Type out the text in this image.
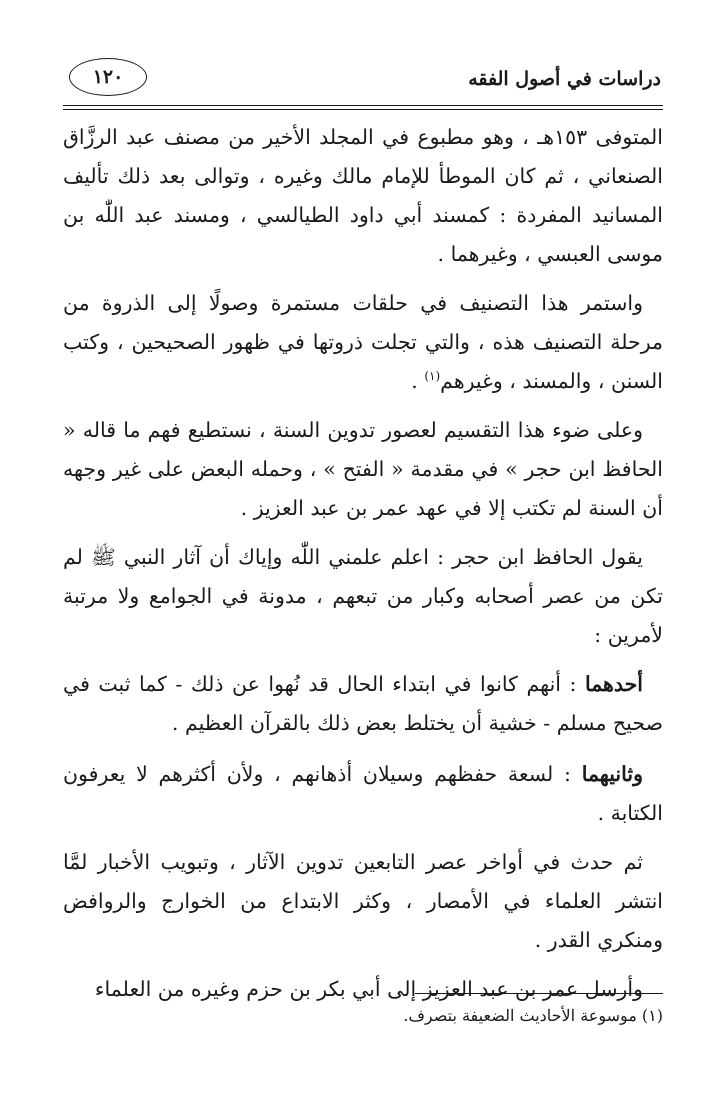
دراسات في أصول الفقه
١٢٠

المتوفى ١٥٣هـ ، وهو مطبوع في المجلد الأخير من مصنف عبد الرزَّاق الصنعاني ، ثم كان الموطأ للإمام مالك وغيره ، وتوالى بعد ذلك تأليف المسانيد المفردة : كمسند أبي داود الطيالسي ، ومسند عبد اللّٰه بن موسى العبسي ، وغيرهما .

واستمر هذا التصنيف في حلقات مستمرة وصولًا إلى الذروة من مرحلة التصنيف هذه ، والتي تجلت ذروتها في ظهور الصحيحين ، وكتب السنن ، والمسند ، وغيرهم$^{(١)}$ .

وعلى ضوء هذا التقسيم لعصور تدوين السنة ، نستطيع فهم ما قاله « الحافظ ابن حجر » في مقدمة « الفتح » ، وحمله البعض على غير وجهه أن السنة لم تكتب إلا في عهد عمر بن عبد العزيز .

يقول الحافظ ابن حجر : اعلم علمني اللّٰه وإياك أن آثار النبي ﷺ لم تكن من عصر أصحابه وكبار من تبعهم ، مدونة في الجوامع ولا مرتبة لأمرين :

أحدهما : أنهم كانوا في ابتداء الحال قد نُهوا عن ذلك - كما ثبت في صحيح مسلم - خشية أن يختلط بعض ذلك بالقرآن العظيم .

وثانيهما : لسعة حفظهم وسيلان أذهانهم ، ولأن أكثرهم لا يعرفون الكتابة .

ثم حدث في أواخر عصر التابعين تدوين الآثار ، وتبويب الأخبار لمَّا انتشر العلماء في الأمصار ، وكثر الابتداع من الخوارج والروافض ومنكري القدر .

وأرسل عمر بن عبد العزيز إلى أبي بكر بن حزم وغيره من العلماء

(١) موسوعة الأحاديث الضعيفة بتصرف.
